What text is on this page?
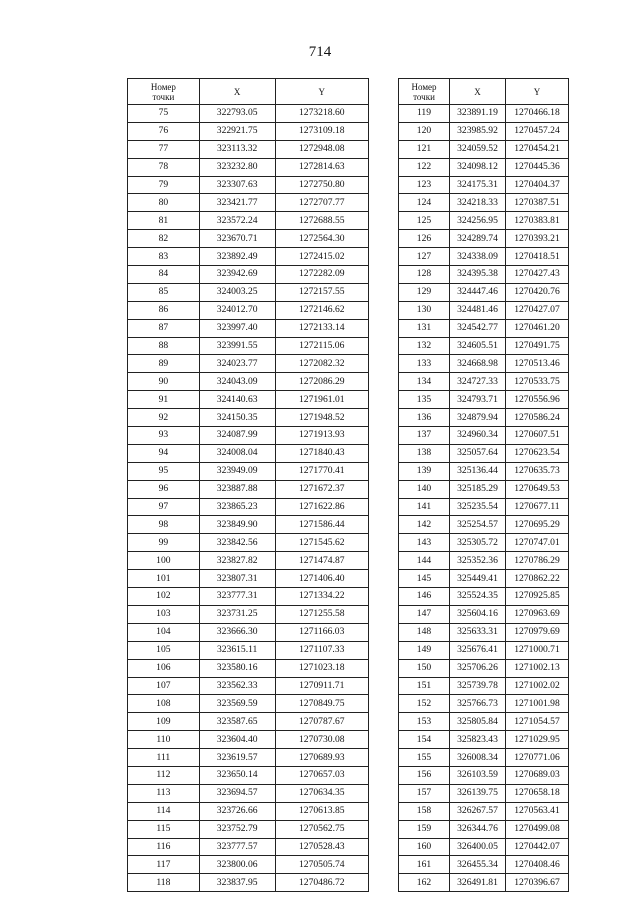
714
Номер
точки	X	Y
75	322793.05	1273218.60
76	322921.75	1273109.18
77	323113.32	1272948.08
78	323232.80	1272814.63
79	323307.63	1272750.80
80	323421.77	1272707.77
81	323572.24	1272688.55
82	323670.71	1272564.30
83	323892.49	1272415.02
84	323942.69	1272282.09
85	324003.25	1272157.55
86	324012.70	1272146.62
87	323997.40	1272133.14
88	323991.55	1272115.06
89	324023.77	1272082.32
90	324043.09	1272086.29
91	324140.63	1271961.01
92	324150.35	1271948.52
93	324087.99	1271913.93
94	324008.04	1271840.43
95	323949.09	1271770.41
96	323887.88	1271672.37
97	323865.23	1271622.86
98	323849.90	1271586.44
99	323842.56	1271545.62
100	323827.82	1271474.87
101	323807.31	1271406.40
102	323777.31	1271334.22
103	323731.25	1271255.58
104	323666.30	1271166.03
105	323615.11	1271107.33
106	323580.16	1271023.18
107	323562.33	1270911.71
108	323569.59	1270849.75
109	323587.65	1270787.67
110	323604.40	1270730.08
111	323619.57	1270689.93
112	323650.14	1270657.03
113	323694.57	1270634.35
114	323726.66	1270613.85
115	323752.79	1270562.75
116	323777.57	1270528.43
117	323800.06	1270505.74
118	323837.95	1270486.72
Номер
точки	X	Y
119	323891.19	1270466.18
120	323985.92	1270457.24
121	324059.52	1270454.21
122	324098.12	1270445.36
123	324175.31	1270404.37
124	324218.33	1270387.51
125	324256.95	1270383.81
126	324289.74	1270393.21
127	324338.09	1270418.51
128	324395.38	1270427.43
129	324447.46	1270420.76
130	324481.46	1270427.07
131	324542.77	1270461.20
132	324605.51	1270491.75
133	324668.98	1270513.46
134	324727.33	1270533.75
135	324793.71	1270556.96
136	324879.94	1270586.24
137	324960.34	1270607.51
138	325057.64	1270623.54
139	325136.44	1270635.73
140	325185.29	1270649.53
141	325235.54	1270677.11
142	325254.57	1270695.29
143	325305.72	1270747.01
144	325352.36	1270786.29
145	325449.41	1270862.22
146	325524.35	1270925.85
147	325604.16	1270963.69
148	325633.31	1270979.69
149	325676.41	1271000.71
150	325706.26	1271002.13
151	325739.78	1271002.02
152	325766.73	1271001.98
153	325805.84	1271054.57
154	325823.43	1271029.95
155	326008.34	1270771.06
156	326103.59	1270689.03
157	326139.75	1270658.18
158	326267.57	1270563.41
159	326344.76	1270499.08
160	326400.05	1270442.07
161	326455.34	1270408.46
162	326491.81	1270396.67
